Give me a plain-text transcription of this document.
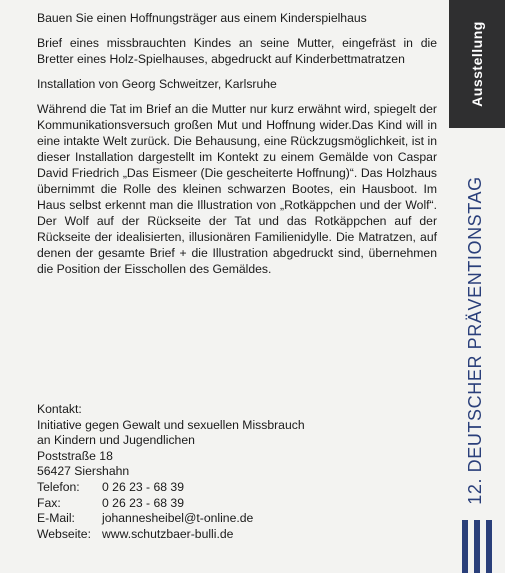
Bauen Sie einen Hoffnungsträger aus einem Kinderspielhaus

Brief eines missbrauchten Kindes an seine Mutter, eingefräst in die Bretter eines Holz-Spielhauses, abgedruckt auf Kinderbettmatratzen

Installation von Georg Schweitzer, Karlsruhe

Während die Tat im Brief an die Mutter nur kurz erwähnt wird, spiegelt der Kommunikationsversuch großen Mut und Hoffnung wider.Das Kind will in eine intakte Welt zurück. Die Behausung, eine Rückzugsmöglichkeit, ist in dieser Installation dargestellt im Kontekt zu einem Gemälde von Caspar David Friedrich „Das Eismeer (Die gescheiterte Hoffnung)“. Das Holzhaus übernimmt die Rolle des kleinen schwarzen Bootes, ein Hausboot. Im Haus selbst erkennt man die Illustration von „Rotkäppchen und der Wolf“. Der Wolf auf der Rückseite der Tat und das Rotkäppchen auf der Rückseite der idealisierten, illusionären Familienidylle. Die Matratzen, auf denen der gesamte Brief + die Illustration abgedruckt sind, übernehmen die Position der Eisschollen des Gemäldes.

Kontakt:
Initiative gegen Gewalt und sexuellen Missbrauch
an Kindern und Jugendlichen
Poststraße 18
56427 Siershahn
Telefon:	0 26 23 - 68 39
Fax:	0 26 23 - 68 39
E-Mail:	johannesheibel@t-online.de
Webseite: www.schutzbaer-bulli.de
Ausstellung
12. DEUTSCHER PRÄVENTIONSTAG
